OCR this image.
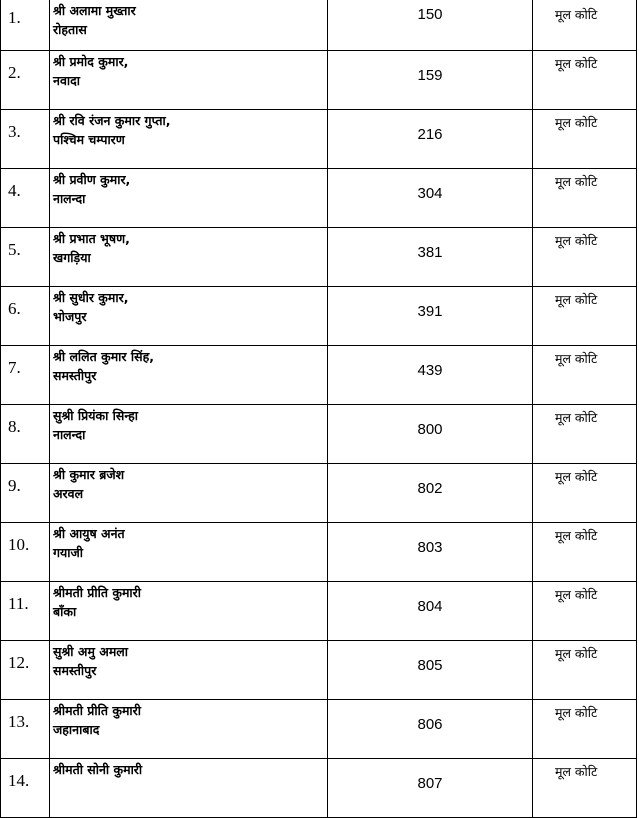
1.	श्री अलामा मुख्तार
रोहतास	150	मूल कोटि
2.	श्री प्रमोद कुमार,
नवादा	159	मूल कोटि
3.	श्री रवि रंजन कुमार गुप्ता,
पश्चिम चम्पारण	216	मूल कोटि
4.	श्री प्रवीण कुमार,
नालन्दा	304	मूल कोटि
5.	श्री प्रभात भूषण,
खगड़िया	381	मूल कोटि
6.	श्री सुधीर कुमार,
भोजपुर	391	मूल कोटि
7.	श्री ललित कुमार सिंह,
समस्तीपुर	439	मूल कोटि
8.	सुश्री प्रियंका सिन्हा
नालन्दा	800	मूल कोटि
9.	श्री कुमार ब्रजेश
अरवल	802	मूल कोटि
10.	श्री आयुष अनंत
गयाजी	803	मूल कोटि
11.	श्रीमती प्रीति कुमारी
बाँका	804	मूल कोटि
12.	सुश्री अमु अमला
समस्तीपुर	805	मूल कोटि
13.	श्रीमती प्रीति कुमारी
जहानाबाद	806	मूल कोटि
14.	श्रीमती सोनी कुमारी	807	मूल कोटि
